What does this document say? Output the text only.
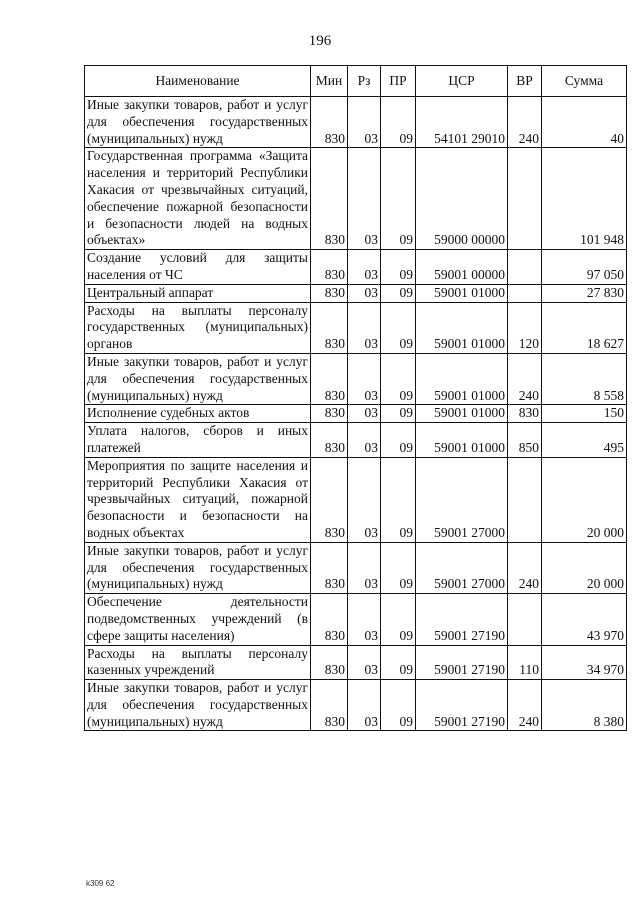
196
Наименование	Мин	Рз	ПР	ЦСР	ВР	Сумма
Иные закупки товаров, работ и услуг для обеспечения государственных (муниципальных) нужд	830	03	09	54101 29010	240	40
Государственная программа «Защита населения и территорий Республики Хакасия от чрезвычайных ситуаций, обеспечение пожарной безопасности и безопасности людей на водных объектах»	830	03	09	59000 00000		101 948
Создание условий для защиты населения от ЧС	830	03	09	59001 00000		97 050
Центральный аппарат	830	03	09	59001 01000		27 830
Расходы на выплаты персоналу государственных (муниципальных) органов	830	03	09	59001 01000	120	18 627
Иные закупки товаров, работ и услуг для обеспечения государственных (муниципальных) нужд	830	03	09	59001 01000	240	8 558
Исполнение судебных актов	830	03	09	59001 01000	830	150
Уплата налогов, сборов и иных платежей	830	03	09	59001 01000	850	495
Мероприятия по защите населения и территорий Республики Хакасия от чрезвычайных ситуаций, пожарной безопасности и безопасности на водных объектах	830	03	09	59001 27000		20 000
Иные закупки товаров, работ и услуг для обеспечения государственных (муниципальных) нужд	830	03	09	59001 27000	240	20 000
Обеспечение деятельности подведомственных учреждений (в сфере защиты населения)	830	03	09	59001 27190		43 970
Расходы на выплаты персоналу казенных учреждений	830	03	09	59001 27190	110	34 970
Иные закупки товаров, работ и услуг для обеспечения государственных (муниципальных) нужд	830	03	09	59001 27190	240	8 380
k309 62
